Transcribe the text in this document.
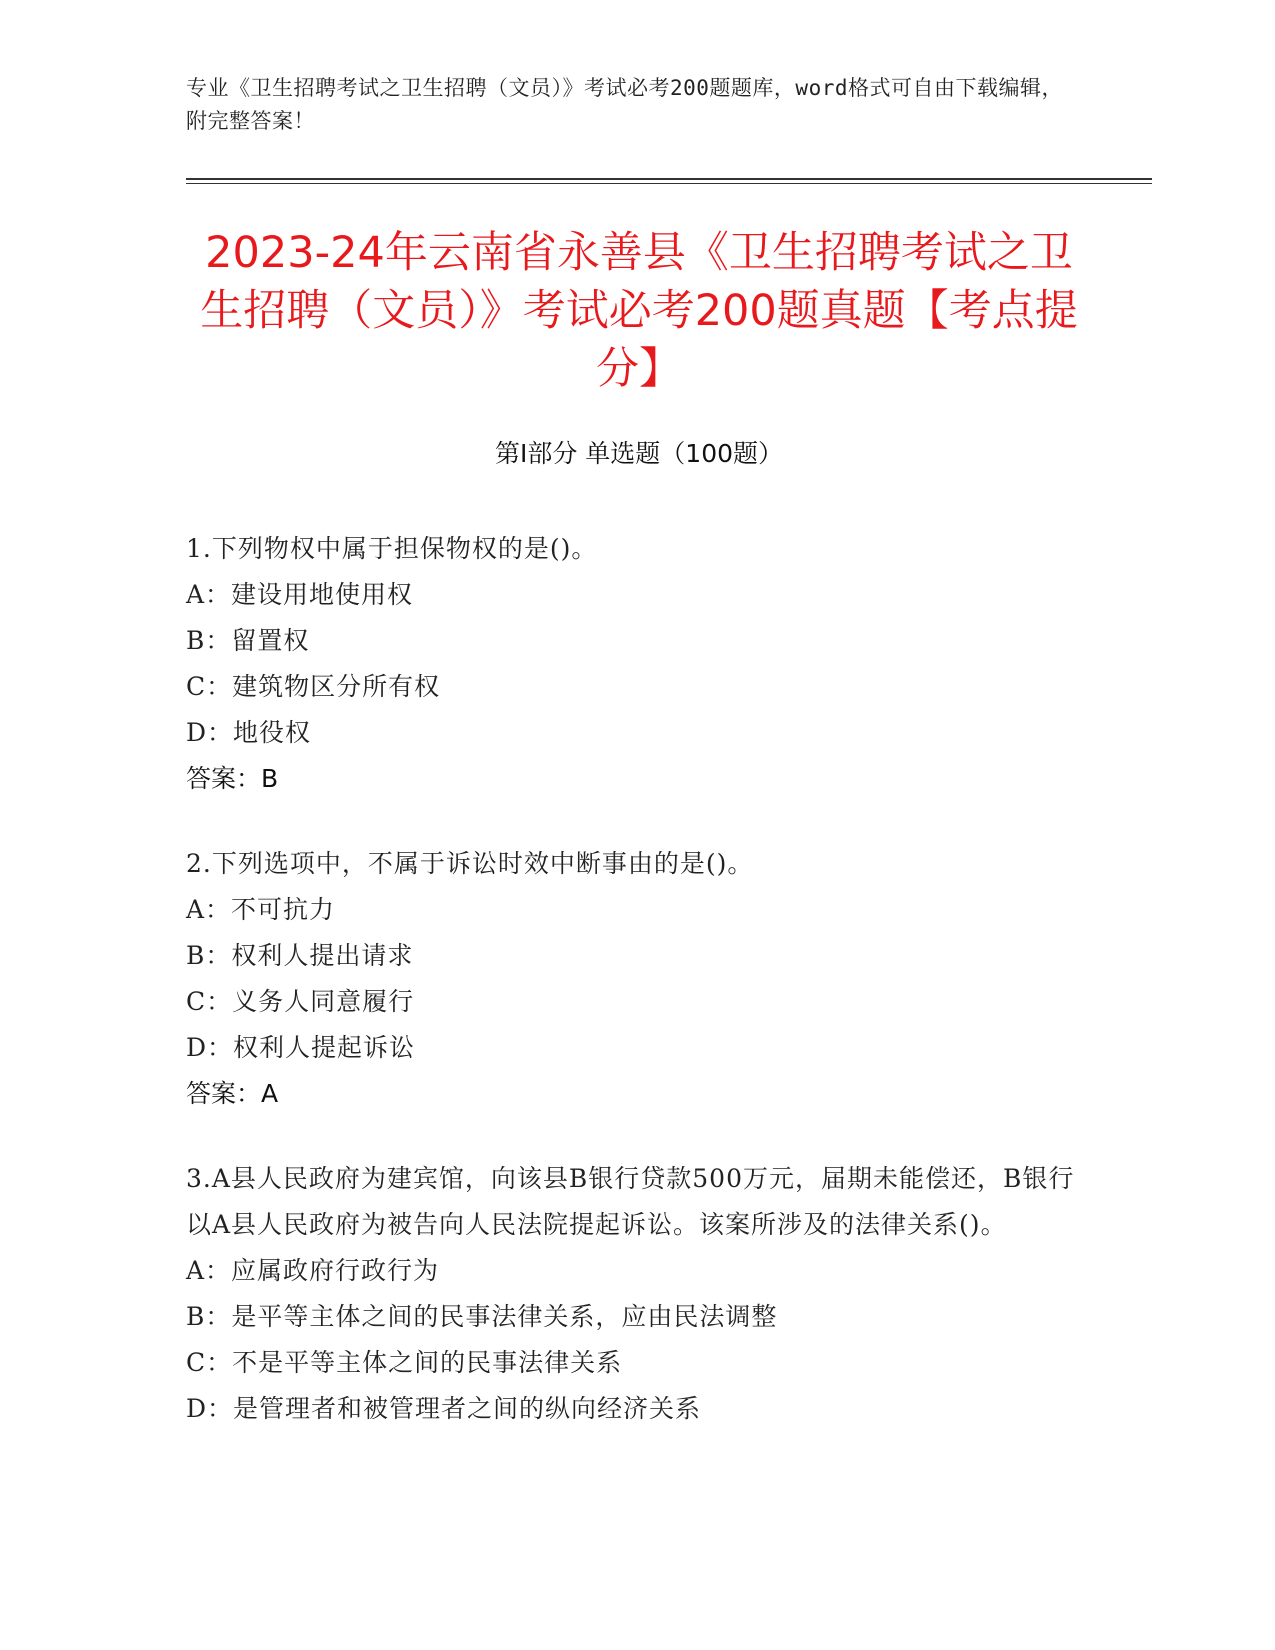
专业《卫生招聘考试之卫生招聘（文员）》考试必考200题题库，word格式可自由下载编辑，附完整答案！
2023-24年云南省永善县《卫生招聘考试之卫生招聘（文员）》考试必考200题真题【考点提分】
第Ⅰ部分 单选题（100题）

1.下列物权中属于担保物权的是()。

A：建设用地使用权

B：留置权

C：建筑物区分所有权

D：地役权

答案：B

2.下列选项中，不属于诉讼时效中断事由的是()。

A：不可抗力

B：权利人提出请求

C：义务人同意履行

D：权利人提起诉讼

答案：A

3.A县人民政府为建宾馆，向该县B银行贷款500万元，届期未能偿还，B银行以A县人民政府为被告向人民法院提起诉讼。该案所涉及的法律关系()。

A：应属政府行政行为

B：是平等主体之间的民事法律关系，应由民法调整

C：不是平等主体之间的民事法律关系

D：是管理者和被管理者之间的纵向经济关系
